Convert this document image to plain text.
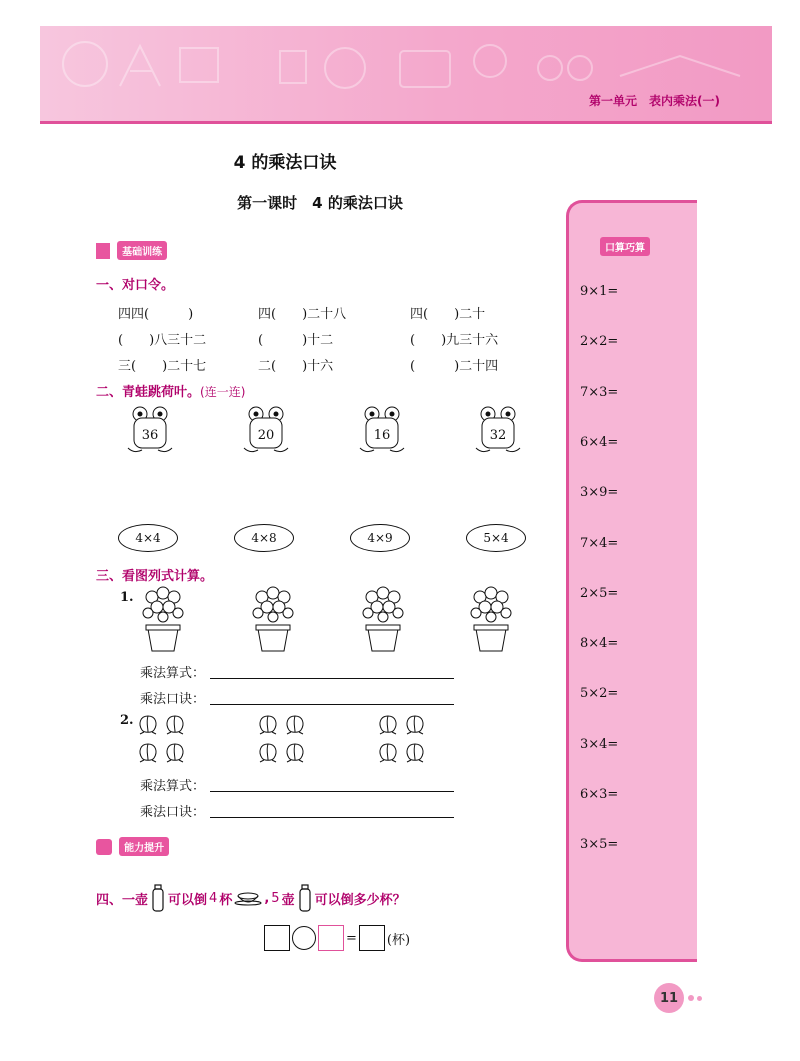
第一单元　表内乘法(一)
4 的乘法口诀
第一课时　4 的乘法口诀
口算巧算
9×1=
2×2=
7×3=
6×4=
3×9=
7×4=
2×5=
8×4=
5×2=
3×4=
6×3=
3×5=
基础训练
一、对口令。
四四(　　　)	四(　　)二十八	四(　　)二十
(　　)八三十二	(　　　)十二	(　　)九三十六
三(　　)二十七	二(　　)十六	(　　　)二十四
二、青蛙跳荷叶。(连一连)
36	20	16	32
4×4	4×8	4×9	5×4
三、看图列式计算。
1.
乘法算式：
乘法口诀：
2.
乘法算式：
乘法口诀：
能力提升
四、一壶 可以倒 4 杯 , 5 壶 可以倒多少杯？
= (杯)
11
